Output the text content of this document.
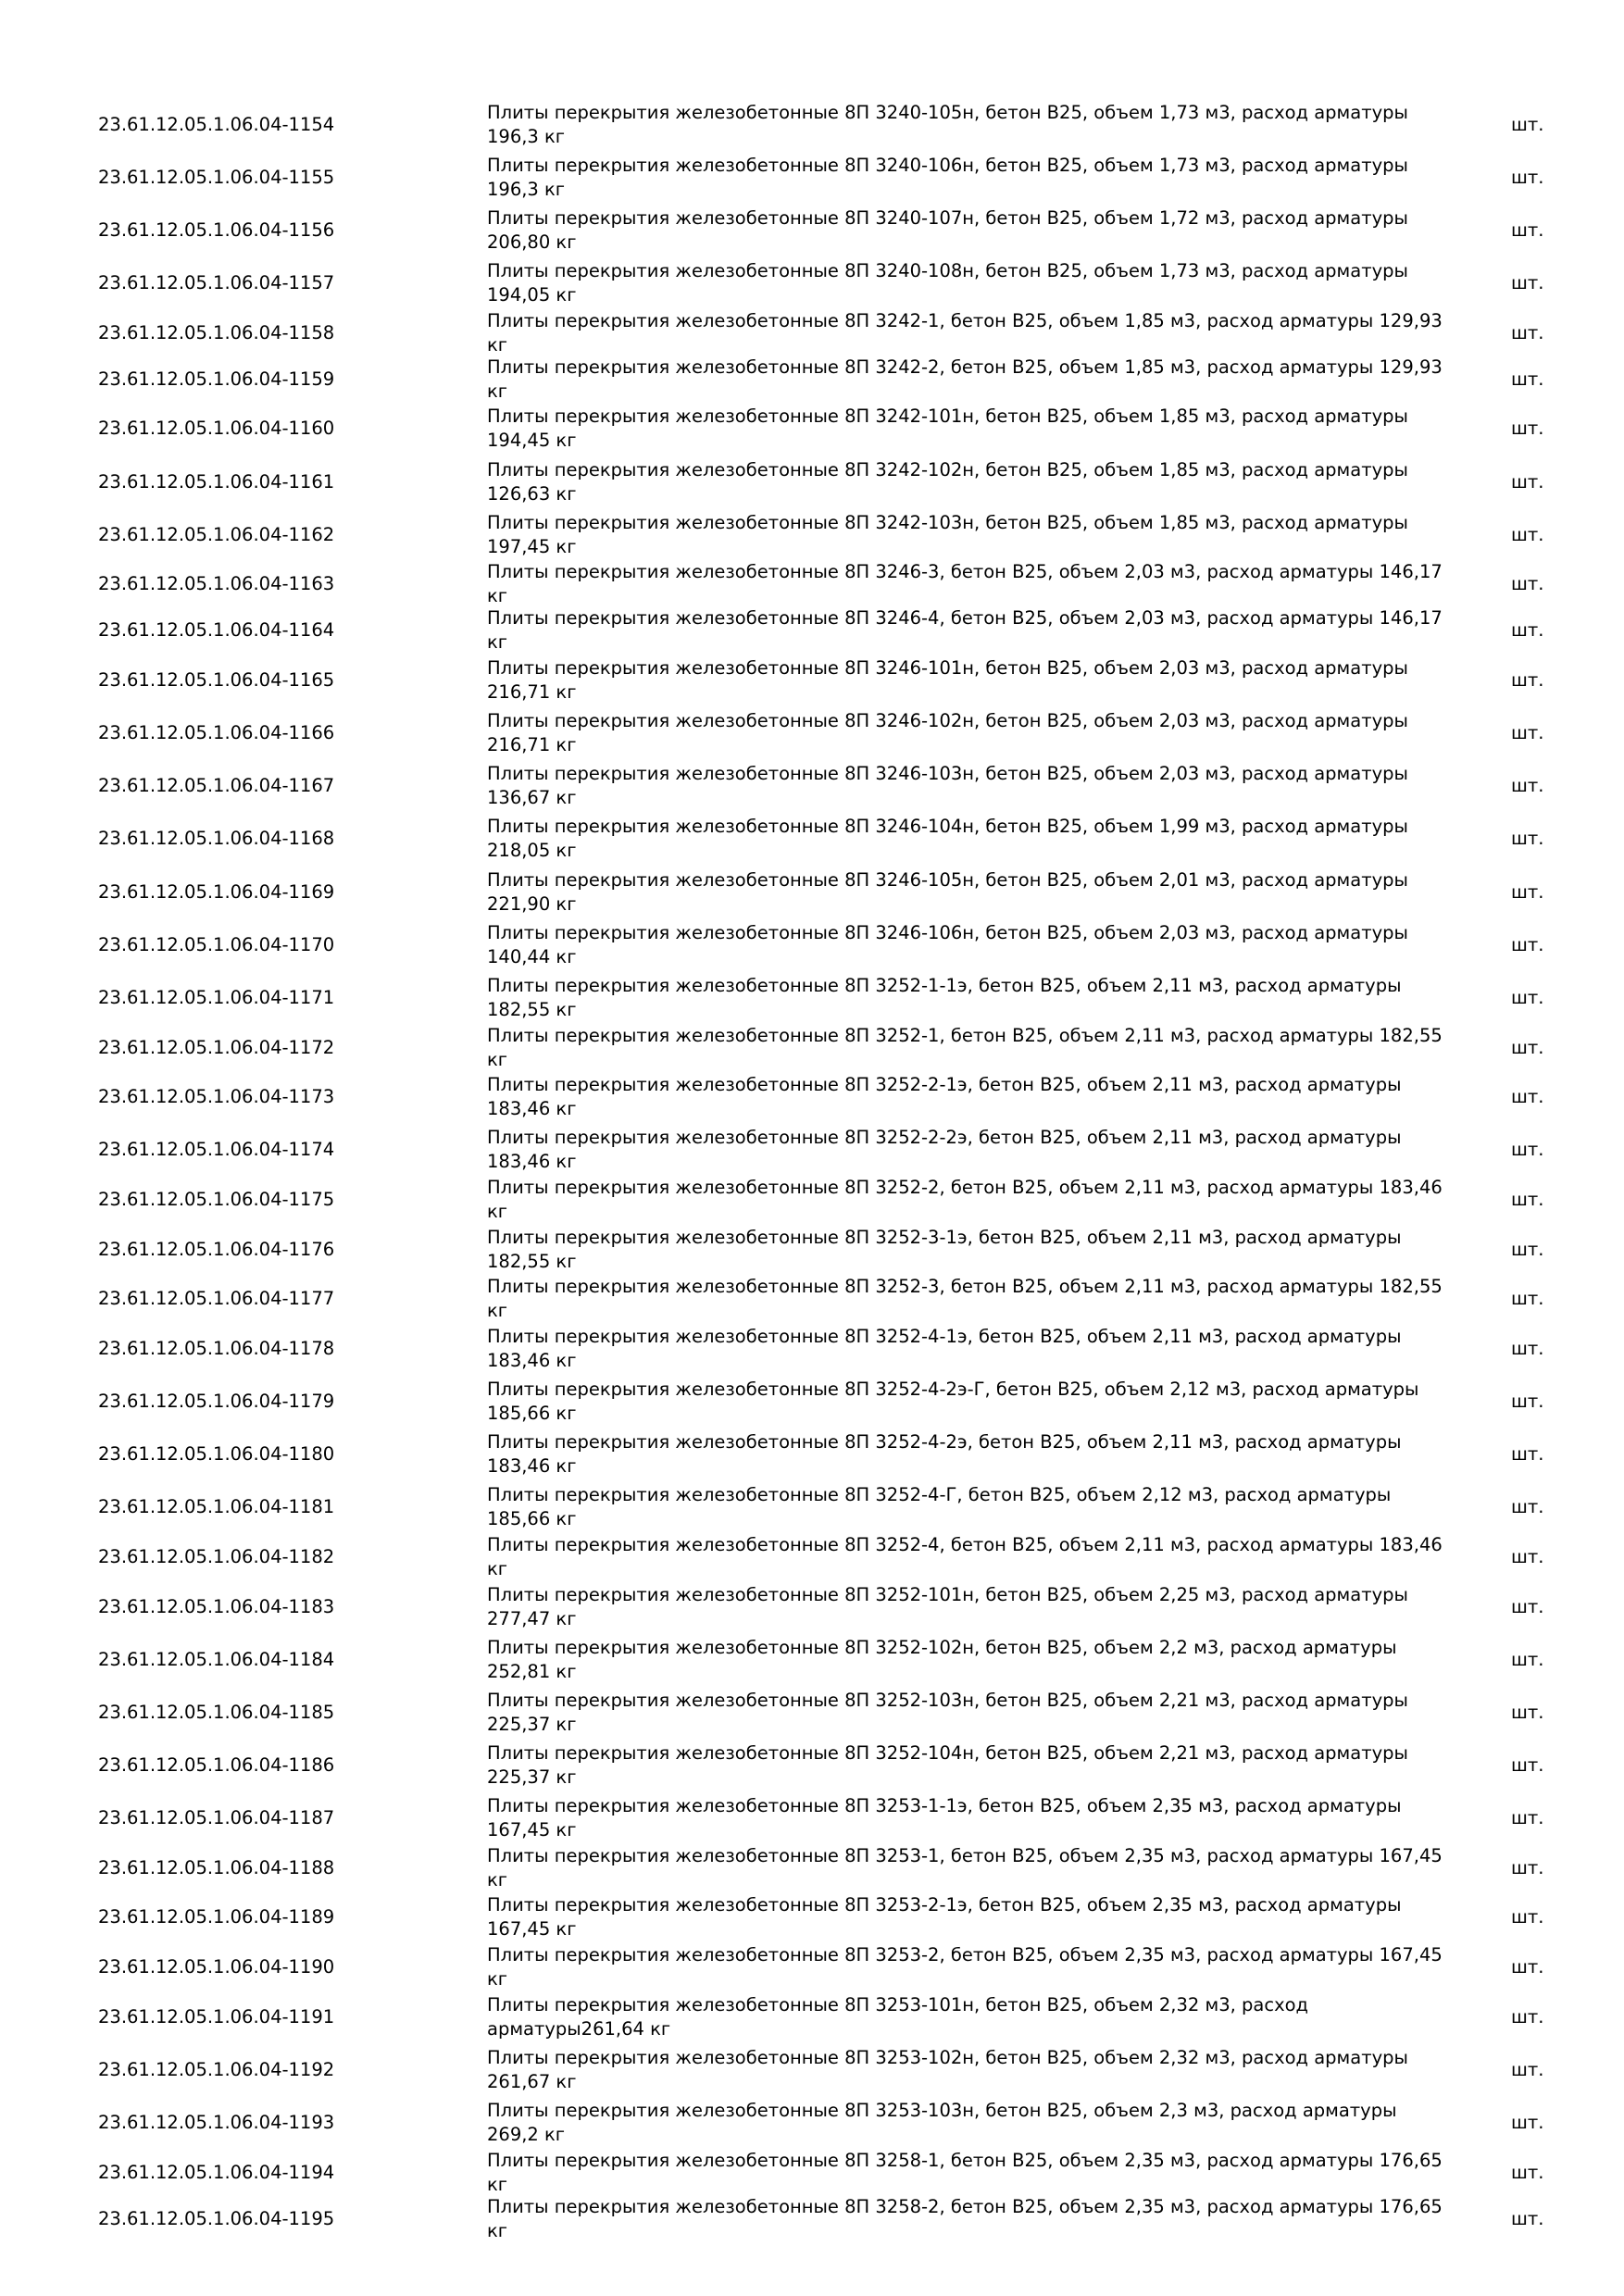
23.61.12.05.1.06.04-1154
Плиты перекрытия железобетонные 8П 3240-105н, бетон В25, объем 1,73 м3, расход арматуры 196,3 кг
шт.
23.61.12.05.1.06.04-1155
Плиты перекрытия железобетонные 8П 3240-106н, бетон В25, объем 1,73 м3, расход арматуры 196,3 кг
шт.
23.61.12.05.1.06.04-1156
Плиты перекрытия железобетонные 8П 3240-107н, бетон В25, объем 1,72 м3, расход арматуры 206,80 кг
шт.
23.61.12.05.1.06.04-1157
Плиты перекрытия железобетонные 8П 3240-108н, бетон В25, объем 1,73 м3, расход арматуры 194,05 кг
шт.
23.61.12.05.1.06.04-1158
Плиты перекрытия железобетонные 8П 3242-1, бетон В25, объем 1,85 м3, расход арматуры 129,93 кг
шт.
23.61.12.05.1.06.04-1159
Плиты перекрытия железобетонные 8П 3242-2, бетон В25, объем 1,85 м3, расход арматуры 129,93 кг
шт.
23.61.12.05.1.06.04-1160
Плиты перекрытия железобетонные 8П 3242-101н, бетон В25, объем 1,85 м3, расход арматуры 194,45 кг
шт.
23.61.12.05.1.06.04-1161
Плиты перекрытия железобетонные 8П 3242-102н, бетон В25, объем 1,85 м3, расход арматуры 126,63 кг
шт.
23.61.12.05.1.06.04-1162
Плиты перекрытия железобетонные 8П 3242-103н, бетон В25, объем 1,85 м3, расход арматуры 197,45 кг
шт.
23.61.12.05.1.06.04-1163
Плиты перекрытия железобетонные 8П 3246-3, бетон В25, объем 2,03 м3, расход арматуры 146,17 кг
шт.
23.61.12.05.1.06.04-1164
Плиты перекрытия железобетонные 8П 3246-4, бетон В25, объем 2,03 м3, расход арматуры 146,17 кг
шт.
23.61.12.05.1.06.04-1165
Плиты перекрытия железобетонные 8П 3246-101н, бетон В25, объем 2,03 м3, расход арматуры 216,71 кг
шт.
23.61.12.05.1.06.04-1166
Плиты перекрытия железобетонные 8П 3246-102н, бетон В25, объем 2,03 м3, расход арматуры 216,71 кг
шт.
23.61.12.05.1.06.04-1167
Плиты перекрытия железобетонные 8П 3246-103н, бетон В25, объем 2,03 м3, расход арматуры 136,67 кг
шт.
23.61.12.05.1.06.04-1168
Плиты перекрытия железобетонные 8П 3246-104н, бетон В25, объем 1,99 м3, расход арматуры 218,05 кг
шт.
23.61.12.05.1.06.04-1169
Плиты перекрытия железобетонные 8П 3246-105н, бетон В25, объем 2,01 м3, расход арматуры 221,90 кг
шт.
23.61.12.05.1.06.04-1170
Плиты перекрытия железобетонные 8П 3246-106н, бетон В25, объем 2,03 м3, расход арматуры 140,44 кг
шт.
23.61.12.05.1.06.04-1171
Плиты перекрытия железобетонные 8П 3252-1-1э, бетон В25, объем 2,11 м3, расход арматуры 182,55 кг
шт.
23.61.12.05.1.06.04-1172
Плиты перекрытия железобетонные 8П 3252-1, бетон В25, объем 2,11 м3, расход арматуры 182,55 кг
шт.
23.61.12.05.1.06.04-1173
Плиты перекрытия железобетонные 8П 3252-2-1э, бетон В25, объем 2,11 м3, расход арматуры 183,46 кг
шт.
23.61.12.05.1.06.04-1174
Плиты перекрытия железобетонные 8П 3252-2-2э, бетон В25, объем 2,11 м3, расход арматуры 183,46 кг
шт.
23.61.12.05.1.06.04-1175
Плиты перекрытия железобетонные 8П 3252-2, бетон В25, объем 2,11 м3, расход арматуры 183,46 кг
шт.
23.61.12.05.1.06.04-1176
Плиты перекрытия железобетонные 8П 3252-3-1э, бетон В25, объем 2,11 м3, расход арматуры 182,55 кг
шт.
23.61.12.05.1.06.04-1177
Плиты перекрытия железобетонные 8П 3252-3, бетон В25, объем 2,11 м3, расход арматуры 182,55 кг
шт.
23.61.12.05.1.06.04-1178
Плиты перекрытия железобетонные 8П 3252-4-1э, бетон В25, объем 2,11 м3, расход арматуры 183,46 кг
шт.
23.61.12.05.1.06.04-1179
Плиты перекрытия железобетонные 8П 3252-4-2э-Г, бетон В25, объем 2,12 м3, расход арматуры 185,66 кг
шт.
23.61.12.05.1.06.04-1180
Плиты перекрытия железобетонные 8П 3252-4-2э, бетон В25, объем 2,11 м3, расход арматуры 183,46 кг
шт.
23.61.12.05.1.06.04-1181
Плиты перекрытия железобетонные 8П 3252-4-Г, бетон В25, объем 2,12 м3, расход арматуры 185,66 кг
шт.
23.61.12.05.1.06.04-1182
Плиты перекрытия железобетонные 8П 3252-4, бетон В25, объем 2,11 м3, расход арматуры 183,46 кг
шт.
23.61.12.05.1.06.04-1183
Плиты перекрытия железобетонные 8П 3252-101н, бетон В25, объем 2,25 м3, расход арматуры 277,47 кг
шт.
23.61.12.05.1.06.04-1184
Плиты перекрытия железобетонные 8П 3252-102н, бетон В25, объем 2,2 м3, расход арматуры 252,81 кг
шт.
23.61.12.05.1.06.04-1185
Плиты перекрытия железобетонные 8П 3252-103н, бетон В25, объем 2,21 м3, расход арматуры 225,37 кг
шт.
23.61.12.05.1.06.04-1186
Плиты перекрытия железобетонные 8П 3252-104н, бетон В25, объем 2,21 м3, расход арматуры 225,37 кг
шт.
23.61.12.05.1.06.04-1187
Плиты перекрытия железобетонные 8П 3253-1-1э, бетон В25, объем 2,35 м3, расход арматуры 167,45 кг
шт.
23.61.12.05.1.06.04-1188
Плиты перекрытия железобетонные 8П 3253-1, бетон В25, объем 2,35 м3, расход арматуры 167,45 кг
шт.
23.61.12.05.1.06.04-1189
Плиты перекрытия железобетонные 8П 3253-2-1э, бетон В25, объем 2,35 м3, расход арматуры 167,45 кг
шт.
23.61.12.05.1.06.04-1190
Плиты перекрытия железобетонные 8П 3253-2, бетон В25, объем 2,35 м3, расход арматуры 167,45 кг
шт.
23.61.12.05.1.06.04-1191
Плиты перекрытия железобетонные 8П 3253-101н, бетон В25, объем 2,32 м3, расход арматуры261,64 кг
шт.
23.61.12.05.1.06.04-1192
Плиты перекрытия железобетонные 8П 3253-102н, бетон В25, объем 2,32 м3, расход арматуры 261,67 кг
шт.
23.61.12.05.1.06.04-1193
Плиты перекрытия железобетонные 8П 3253-103н, бетон В25, объем 2,3 м3, расход арматуры 269,2 кг
шт.
23.61.12.05.1.06.04-1194
Плиты перекрытия железобетонные 8П 3258-1, бетон В25, объем 2,35 м3, расход арматуры 176,65 кг
шт.
23.61.12.05.1.06.04-1195
Плиты перекрытия железобетонные 8П 3258-2, бетон В25, объем 2,35 м3, расход арматуры 176,65 кг
шт.
